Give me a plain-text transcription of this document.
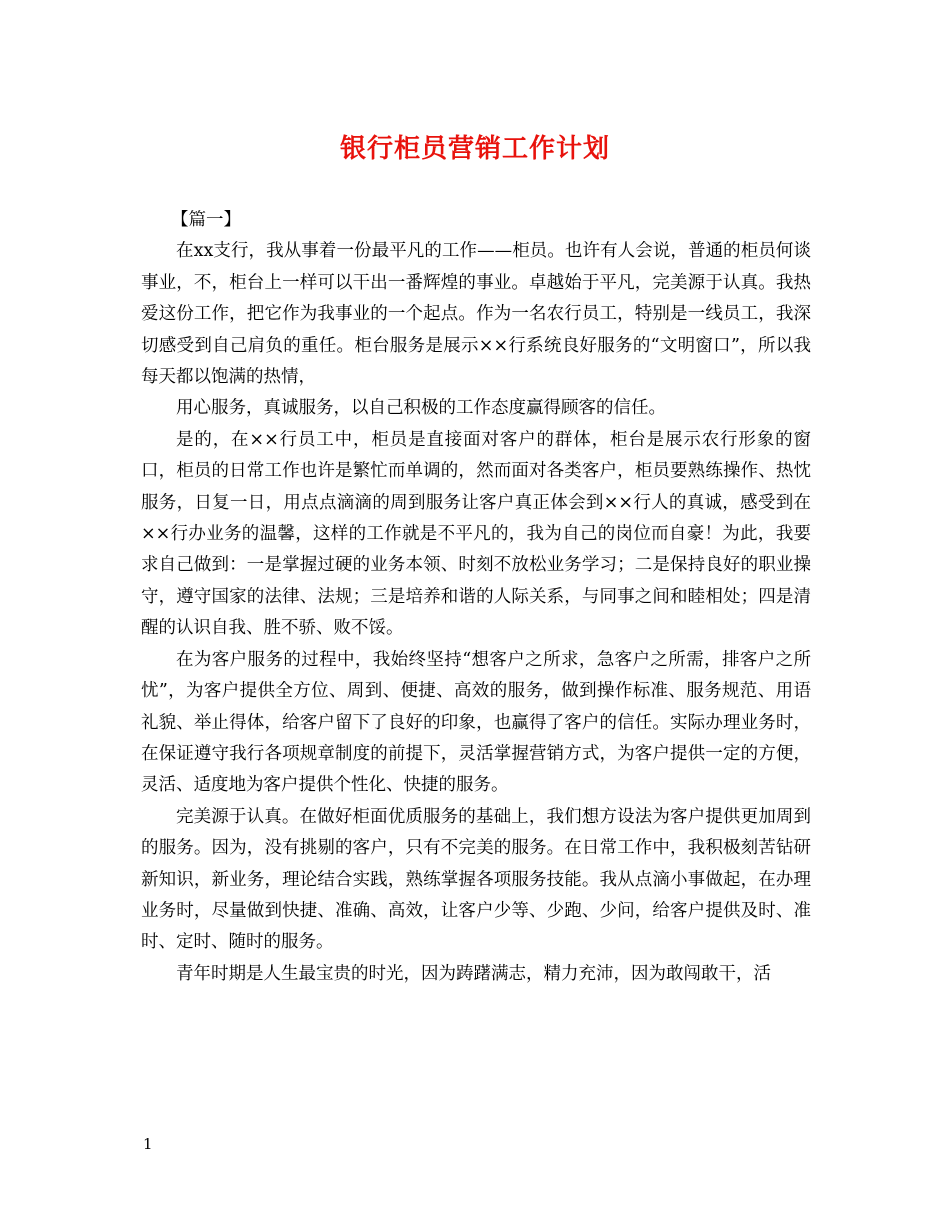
银行柜员营销工作计划

【篇一】

在xx支行，我从事着一份最平凡的工作——柜员。也许有人会说，普通的柜员何谈事业，不，柜台上一样可以干出一番辉煌的事业。卓越始于平凡，完美源于认真。我热爱这份工作，把它作为我事业的一个起点。作为一名农行员工，特别是一线员工，我深切感受到自己肩负的重任。柜台服务是展示××行系统良好服务的“文明窗口”，所以我每天都以饱满的热情，

用心服务，真诚服务，以自己积极的工作态度赢得顾客的信任。

是的，在××行员工中，柜员是直接面对客户的群体，柜台是展示农行形象的窗口，柜员的日常工作也许是繁忙而单调的，然而面对各类客户，柜员要熟练操作、热忱服务，日复一日，用点点滴滴的周到服务让客户真正体会到××行人的真诚，感受到在××行办业务的温馨，这样的工作就是不平凡的，我为自己的岗位而自豪！为此，我要求自己做到：一是掌握过硬的业务本领、时刻不放松业务学习；二是保持良好的职业操守，遵守国家的法律、法规；三是培养和谐的人际关系，与同事之间和睦相处；四是清醒的认识自我、胜不骄、败不馁。

在为客户服务的过程中，我始终坚持“想客户之所求，急客户之所需，排客户之所忧”，为客户提供全方位、周到、便捷、高效的服务，做到操作标准、服务规范、用语礼貌、举止得体，给客户留下了良好的印象，也赢得了客户的信任。实际办理业务时，在保证遵守我行各项规章制度的前提下，灵活掌握营销方式，为客户提供一定的方便，灵活、适度地为客户提供个性化、快捷的服务。

完美源于认真。在做好柜面优质服务的基础上，我们想方设法为客户提供更加周到的服务。因为，没有挑剔的客户，只有不完美的服务。在日常工作中，我积极刻苦钻研新知识，新业务，理论结合实践，熟练掌握各项服务技能。我从点滴小事做起，在办理业务时，尽量做到快捷、准确、高效，让客户少等、少跑、少问，给客户提供及时、准时、定时、随时的服务。

青年时期是人生最宝贵的时光，因为踌躇满志，精力充沛，因为敢闯敢干，活

1
